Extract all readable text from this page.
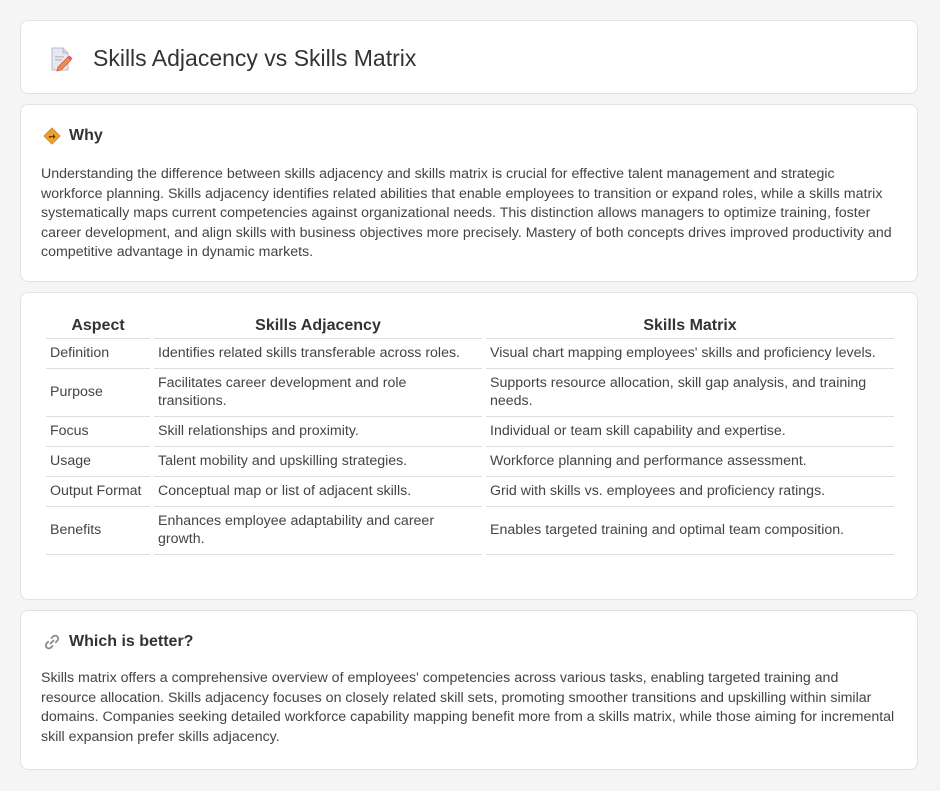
Skills Adjacency vs Skills Matrix
Why

Understanding the difference between skills adjacency and skills matrix is crucial for effective talent management and strategic workforce planning. Skills adjacency identifies related abilities that enable employees to transition or expand roles, while a skills matrix systematically maps current competencies against organizational needs. This distinction allows managers to optimize training, foster career development, and align skills with business objectives more precisely. Mastery of both concepts drives improved productivity and competitive advantage in dynamic markets.

Aspect	Skills Adjacency	Skills Matrix
Definition	Identifies related skills transferable across roles.	Visual chart mapping employees' skills and proficiency levels.
Purpose	Facilitates career development and role transitions.	Supports resource allocation, skill gap analysis, and training needs.
Focus	Skill relationships and proximity.	Individual or team skill capability and expertise.
Usage	Talent mobility and upskilling strategies.	Workforce planning and performance assessment.
Output Format	Conceptual map or list of adjacent skills.	Grid with skills vs. employees and proficiency ratings.
Benefits	Enhances employee adaptability and career growth.	Enables targeted training and optimal team composition.
Which is better?

Skills matrix offers a comprehensive overview of employees' competencies across various tasks, enabling targeted training and resource allocation. Skills adjacency focuses on closely related skill sets, promoting smoother transitions and upskilling within similar domains. Companies seeking detailed workforce capability mapping benefit more from a skills matrix, while those aiming for incremental skill expansion prefer skills adjacency.
